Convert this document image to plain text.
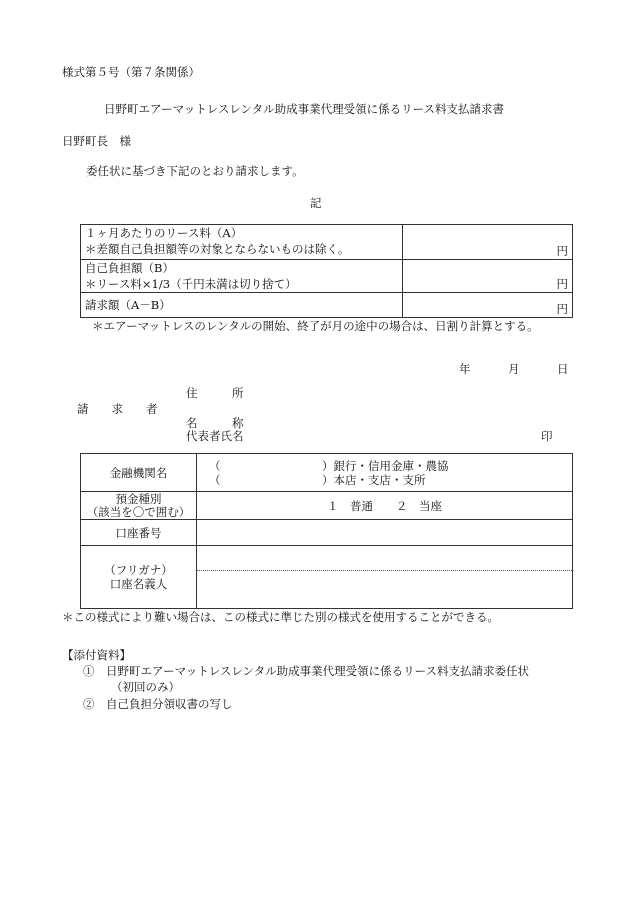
様式第５号（第７条関係）
日野町エアーマットレスレンタル助成事業代理受領に係るリース料支払請求書
日野町長　様
委任状に基づき下記のとおり請求します。
記
１ヶ月あたりのリース料（A）
＊差額自己負担額等の対象とならないものは除く。	円

自己負担額（B）
＊リース料×1/3（千円未満は切り捨て）	円

請求額（A－B）	円
＊エアーマットレスのレンタルの開始、終了が月の途中の場合は、日割り計算とする。
年	月	日
住　　　所
請　　求　　者
名　　　称
代表者氏名	印
金融機関名	（ ）銀行・信用金庫・農協
（ ）本店・支店・支所

預金種別
（該当を〇で囲む）	１　普通　　２　当座
口座番号	

（フリガナ）
口座名義人	

＊この様式により難い場合は、この様式に準じた別の様式を使用することができる。
【添付資料】
①　日野町エアーマットレスレンタル助成事業代理受領に係るリース料支払請求委任状
（初回のみ）
②　自己負担分領収書の写し
